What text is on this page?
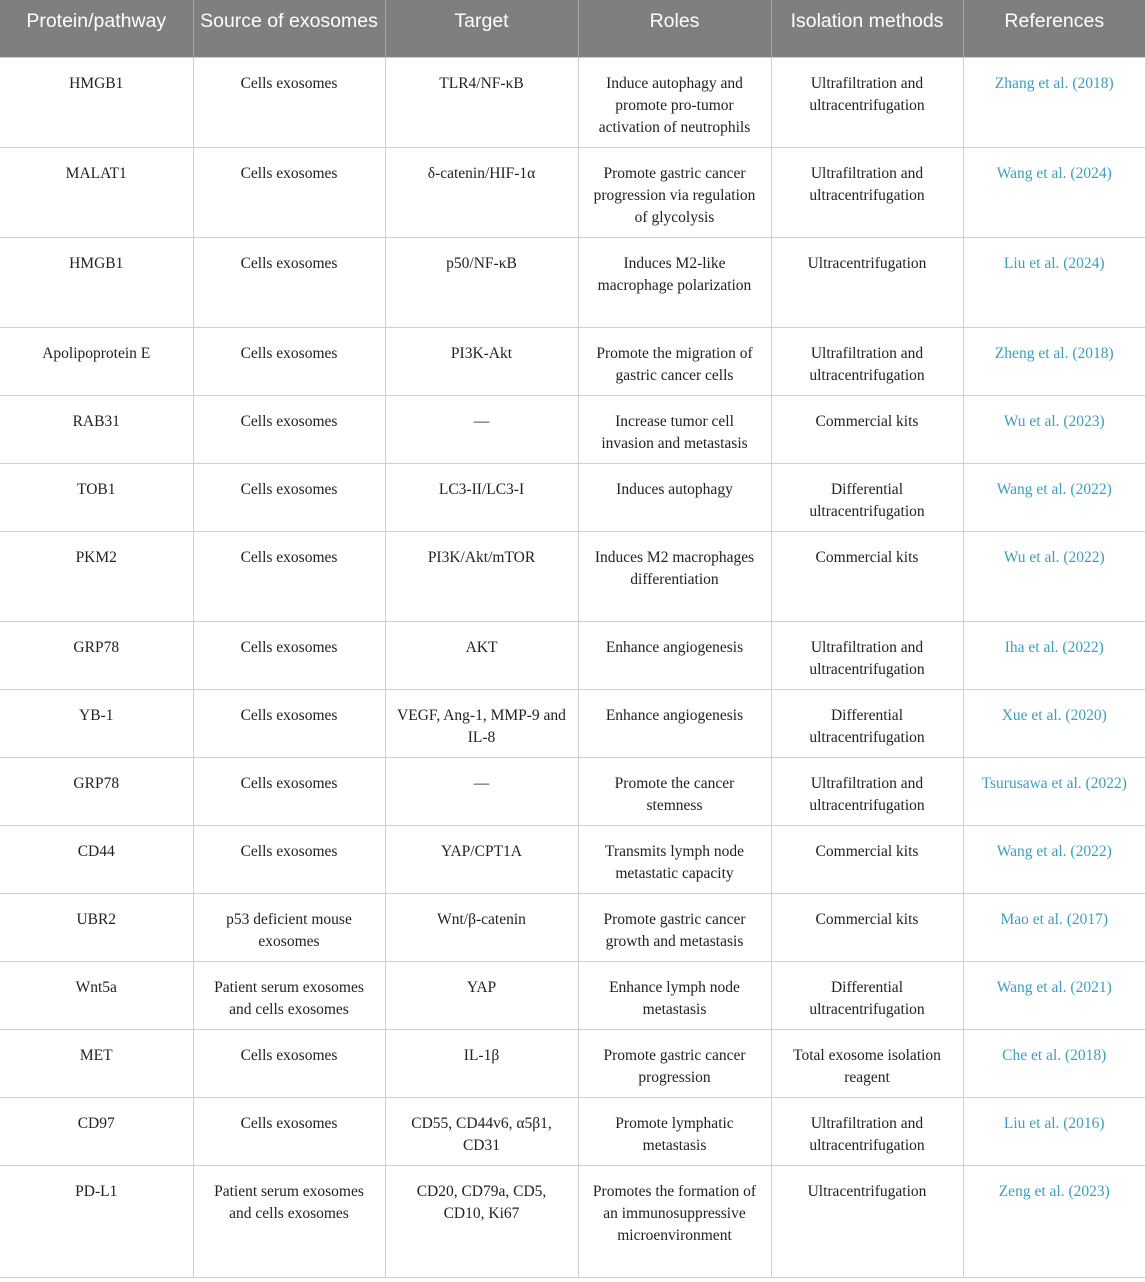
Protein/pathway	Source of exosomes	Target	Roles	Isolation methods	References
HMGB1	Cells exosomes	TLR4/NF-κB	Induce autophagy and promote pro-tumor activation of neutrophils	Ultrafiltration and ultracentrifugation	Zhang et al. (2018)
MALAT1	Cells exosomes	δ-catenin/HIF-1α	Promote gastric cancer progression via regulation of glycolysis	Ultrafiltration and ultracentrifugation	Wang et al. (2024)
HMGB1	Cells exosomes	p50/NF-κB	Induces M2-like macrophage polarization	Ultracentrifugation	Liu et al. (2024)
Apolipoprotein E	Cells exosomes	PI3K-Akt	Promote the migration of gastric cancer cells	Ultrafiltration and ultracentrifugation	Zheng et al. (2018)
RAB31	Cells exosomes	—	Increase tumor cell invasion and metastasis	Commercial kits	Wu et al. (2023)
TOB1	Cells exosomes	LC3-II/LC3-I	Induces autophagy	Differential ultracentrifugation	Wang et al. (2022)
PKM2	Cells exosomes	PI3K/Akt/mTOR	Induces M2 macrophages differentiation	Commercial kits	Wu et al. (2022)
GRP78	Cells exosomes	AKT	Enhance angiogenesis	Ultrafiltration and ultracentrifugation	Iha et al. (2022)
YB-1	Cells exosomes	VEGF, Ang-1, MMP-9 and IL-8	Enhance angiogenesis	Differential ultracentrifugation	Xue et al. (2020)
GRP78	Cells exosomes	—	Promote the cancer stemness	Ultrafiltration and ultracentrifugation	Tsurusawa et al. (2022)
CD44	Cells exosomes	YAP/CPT1A	Transmits lymph node metastatic capacity	Commercial kits	Wang et al. (2022)
UBR2	p53 deficient mouse exosomes	Wnt/β-catenin	Promote gastric cancer growth and metastasis	Commercial kits	Mao et al. (2017)
Wnt5a	Patient serum exosomes and cells exosomes	YAP	Enhance lymph node metastasis	Differential ultracentrifugation	Wang et al. (2021)
MET	Cells exosomes	IL-1β	Promote gastric cancer progression	Total exosome isolation reagent	Che et al. (2018)
CD97	Cells exosomes	CD55, CD44v6, α5β1, CD31	Promote lymphatic metastasis	Ultrafiltration and ultracentrifugation	Liu et al. (2016)
PD-L1	Patient serum exosomes and cells exosomes	CD20, CD79a, CD5, CD10, Ki67	Promotes the formation of an immunosuppressive microenvironment	Ultracentrifugation	Zeng et al. (2023)
